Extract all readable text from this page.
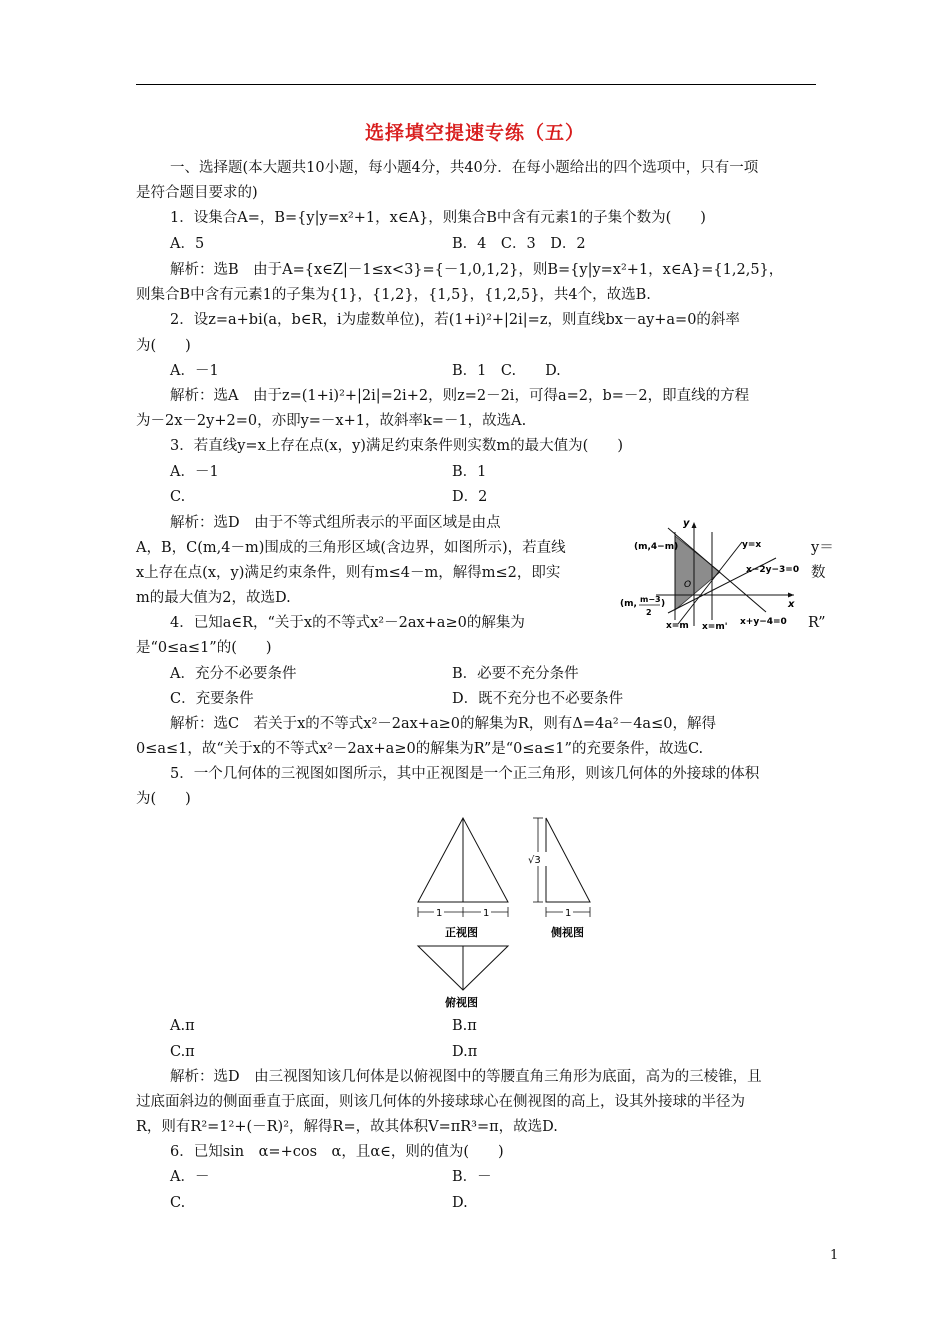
选择填空提速专练（五）
一、选择题(本大题共10小题，每小题4分，共40分．在每小题给出的四个选项中，只有一项
是符合题目要求的)
1．设集合A=，B={y|y=x²+1，x∈A}，则集合B中含有元素1的子集个数为(　　)
A．5	B．4　C．3　D．2
解析：选B　由于A={x∈Z|－1≤x<3}={－1,0,1,2}，则B={y|y=x²+1，x∈A}={1,2,5}，
则集合B中含有元素1的子集为{1}，{1,2}，{1,5}，{1,2,5}，共4个，故选B.
2．设z=a+bi(a，b∈R，i为虚数单位)，若(1+i)²+|2i|=z，则直线bx－ay+a=0的斜率
为(　　)
A．－1	B．1　C.　　D.
解析：选A　由于z=(1+i)²+|2i|=2i+2，则z=2－2i，可得a=2，b=－2，即直线的方程
为－2x－2y+2=0，亦即y=－x+1，故斜率k=－1，故选A.
3．若直线y=x上存在点(x，y)满足约束条件则实数m的最大值为(　　)
A．－1	B．1
C.	D．2
解析：选D　由于不等式组所表示的平面区域是由点
A，B，C(m,4－m)围成的三角形区域(含边界，如图所示)，若直线
x上存在点(x，y)满足约束条件，则有m≤4－m，解得m≤2，即实
m的最大值为2，故选D.
4．已知a∈R，“关于x的不等式x²－2ax+a≥0的解集为
是“0≤a≤1”的(　　)
A．充分不必要条件	B．必要不充分条件
C．充要条件	D．既不充分也不必要条件
解析：选C　若关于x的不等式x²－2ax+a≥0的解集为R，则有Δ=4a²－4a≤0，解得
0≤a≤1，故“关于x的不等式x²－2ax+a≥0的解集为R”是“0≤a≤1”的充要条件，故选C.
5．一个几何体的三视图如图所示，其中正视图是一个正三角形，则该几何体的外接球的体积
为(　　)
A.π	B.π
C.π	D.π
解析：选D　由三视图知该几何体是以俯视图中的等腰直角三角形为底面，高为的三棱锥，且
过底面斜边的侧面垂直于底面，则该几何体的外接球球心在侧视图的高上，设其外接球的半径为
R，则有R²=1²+(－R)²，解得R=，故其体积V=πR³=π，故选D.
6．已知sin　α=+cos　α，且α∈，则的值为(　　)
A．－	B．－
C.	D.
y＝
数
R”
y
x
O
(m,4−m)	y=x
x−2y−3=0
(m, m−3
2
)
x=m x=m' x+y−4=0
1	1
正视图
√3
1
侧视图
俯视图
1
